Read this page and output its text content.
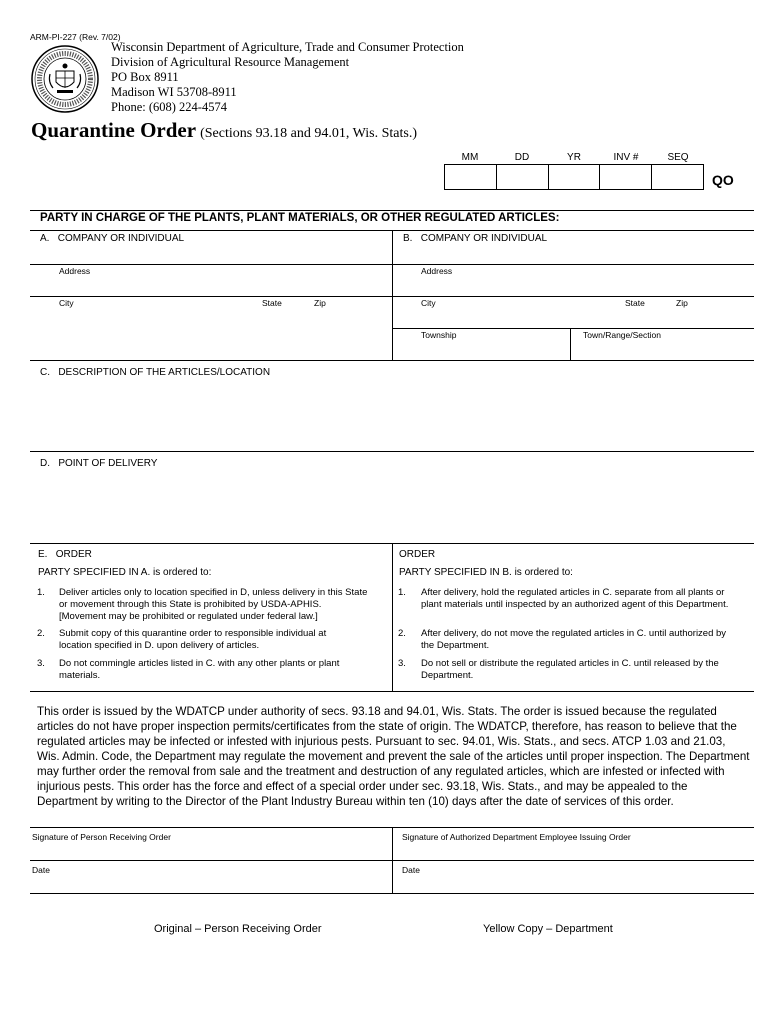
ARM-PI-227 (Rev. 7/02)
Wisconsin Department of Agriculture, Trade and Consumer Protection
Division of Agricultural Resource Management
PO Box 8911
Madison WI 53708-8911
Phone: (608) 224-4574
Quarantine Order (Sections 93.18 and 94.01, Wis. Stats.)
MM	DD	YR	INV #	SEQ
QO
PARTY IN CHARGE OF THE PLANTS, PLANT MATERIALS, OR OTHER REGULATED ARTICLES:
A.   COMPANY OR INDIVIDUAL
Address
City	State	Zip
B.   COMPANY OR INDIVIDUAL
Address
City	State	Zip
Township	Town/Range/Section
C.   DESCRIPTION OF THE ARTICLES/LOCATION
D.   POINT OF DELIVERY
E.   ORDER
PARTY SPECIFIED IN A. is ordered to:
1. Deliver articles only to location specified in D, unless delivery in this State or movement through this State is prohibited by USDA-APHIS. [Movement may be prohibited or regulated under federal law.]
2. Submit copy of this quarantine order to responsible individual at location specified in D. upon delivery of articles.
3. Do not commingle articles listed in C. with any other plants or plant materials.
ORDER
PARTY SPECIFIED IN B. is ordered to:
1. After delivery, hold the regulated articles in C. separate from all plants or plant materials until inspected by an authorized agent of this Department.
2. After delivery, do not move the regulated articles in C. until authorized by the Department.
3. Do not sell or distribute the regulated articles in C. until released by the Department.
This order is issued by the WDATCP under authority of secs. 93.18 and 94.01, Wis. Stats. The order is issued because the regulated articles do not have proper inspection permits/certificates from the state of origin. The WDATCP, therefore, has reason to believe that the regulated articles may be infected or infested with injurious pests. Pursuant to sec. 94.01, Wis. Stats., and secs. ATCP 1.03 and 21.03, Wis. Admin. Code, the Department may regulate the movement and prevent the sale of the articles until proper inspection. The Department may further order the removal from sale and the treatment and destruction of any regulated articles, which are infested or infected with injurious pests. This order has the force and effect of a special order under sec. 93.18, Wis. Stats., and may be appealed to the Department by writing to the Director of the Plant Industry Bureau within ten (10) days after the date of services of this order.
Signature of Person Receiving Order	Signature of Authorized Department Employee Issuing Order
Date	Date
Original – Person Receiving Order	Yellow Copy – Department
